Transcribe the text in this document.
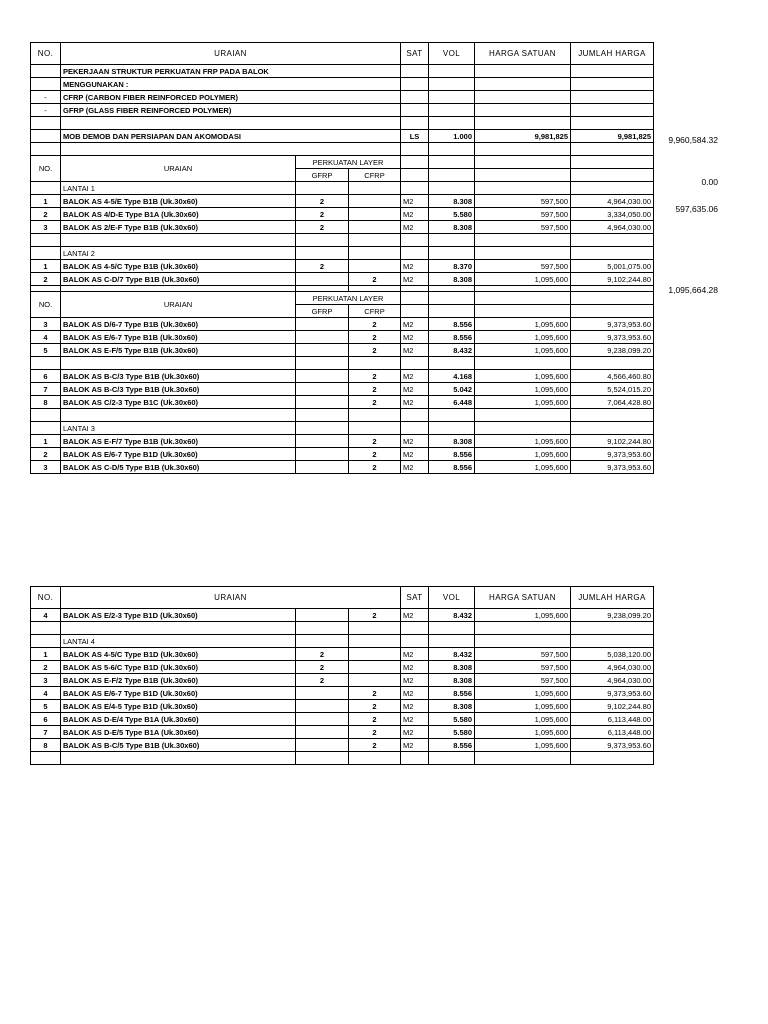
NO.	URAIAN			SAT	VOL	HARGA SATUAN	JUMLAH HARGA
	PEKERJAAN STRUKTUR PERKUATAN FRP PADA BALOK						
	MENGGUNAKAN :						
-	CFRP (CARBON FIBER REINFORCED POLYMER)						
-	GFRP (GLASS FIBER REINFORCED POLYMER)						

	MOB DEMOB DAN PERSIAPAN DAN AKOMODASI			LS	1.000	9,981,825	9,981,825

NO.	URAIAN	PERKUATAN LAYER					
		GFRP	CFRP				
	LANTAI 1						
1	BALOK AS 4-5/E Type B1B (Uk.30x60)	2		M2	8.308	597,500	4,964,030.00
2	BALOK AS 4/D-E Type B1A (Uk.30x60)	2		M2	5.580	597,500	3,334,050.00
3	BALOK AS 2/E-F Type B1B (Uk.30x60)	2		M2	8.308	597,500	4,964,030.00

	LANTAI 2						
1	BALOK AS 4-5/C Type B1B (Uk.30x60)	2		M2	8.370	597,500	5,001,075.00
2	BALOK AS C-D/7 Type B1B (Uk.30x60)		2	M2	8.308	1,095,600	9,102,244.80

NO.	URAIAN	PERKUATAN LAYER					
		GFRP	CFRP				
3	BALOK AS D/6-7 Type B1B (Uk.30x60)		2	M2	8.556	1,095,600	9,373,953.60
4	BALOK AS E/6-7 Type B1B (Uk.30x60)		2	M2	8.556	1,095,600	9,373,953.60
5	BALOK AS E-F/5 Type B1B (Uk.30x60)		2	M2	8.432	1,095,600	9,238,099.20

6	BALOK AS B-C/3 Type B1B (Uk.30x60)		2	M2	4.168	1,095,600	4,566,460.80
7	BALOK AS B-C/3 Type B1B (Uk.30x60)		2	M2	5.042	1,095,600	5,524,015.20
8	BALOK AS C/2-3 Type B1C (Uk.30x60)		2	M2	6.448	1,095,600	7,064,428.80

	LANTAI 3						
1	BALOK AS E-F/7 Type B1B (Uk.30x60)		2	M2	8.308	1,095,600	9,102,244.80
2	BALOK AS E/6-7 Type B1D (Uk.30x60)		2	M2	8.556	1,095,600	9,373,953.60
3	BALOK AS C-D/5 Type B1B (Uk.30x60)		2	M2	8.556	1,095,600	9,373,953.60
9,960,584.32
0.00
597,635.06
1,095,664.28
NO.	URAIAN			SAT	VOL	HARGA SATUAN	JUMLAH HARGA
4	BALOK AS E/2-3 Type B1D (Uk.30x60)		2	M2	8.432	1,095,600	9,238,099.20

	LANTAI 4						
1	BALOK AS 4-5/C Type B1D (Uk.30x60)	2		M2	8.432	597,500	5,038,120.00
2	BALOK AS 5-6/C Type B1D (Uk.30x60)	2		M2	8.308	597,500	4,964,030.00
3	BALOK AS E-F/2 Type B1B (Uk.30x60)	2		M2	8.308	597,500	4,964,030.00
4	BALOK AS E/6-7 Type B1D (Uk.30x60)		2	M2	8.556	1,095,600	9,373,953.60
5	BALOK AS E/4-5 Type B1D (Uk.30x60)		2	M2	8.308	1,095,600	9,102,244.80
6	BALOK AS D-E/4 Type B1A (Uk.30x60)		2	M2	5.580	1,095,600	6,113,448.00
7	BALOK AS D-E/5 Type B1A (Uk.30x60)		2	M2	5.580	1,095,600	6,113,448.00
8	BALOK AS B-C/5 Type B1B (Uk.30x60)		2	M2	8.556	1,095,600	9,373,953.60
